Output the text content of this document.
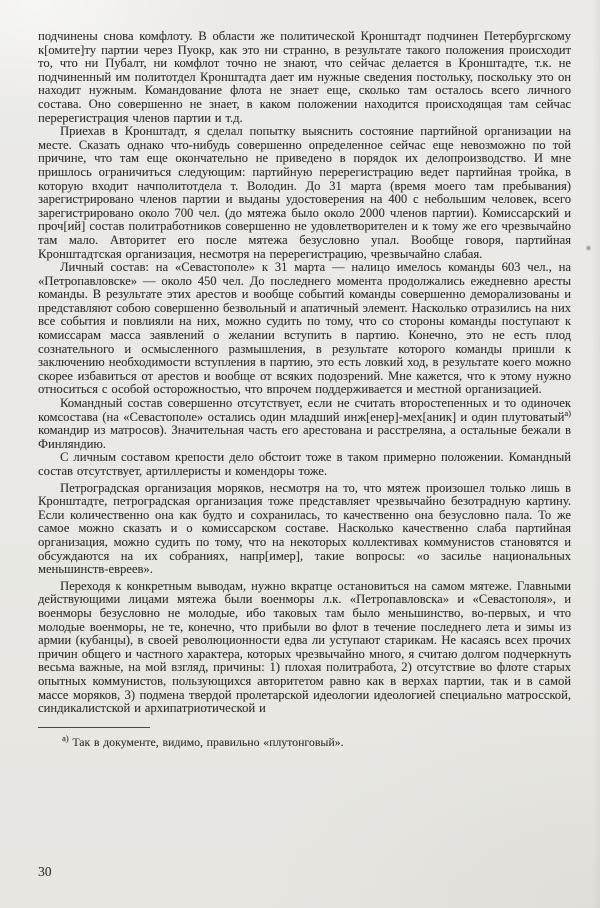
подчинены снова комфлоту. В области же политической Кронштадт подчинен Петербургскому к[омите]ту партии через Пуокр, как это ни странно, в результате такого положения происходит то, что ни Пубалт, ни комфлот точно не знают, что сейчас делается в Кронштадте, т.к. не подчиненный им политотдел Кронштадта дает им нужные сведения постольку, поскольку это он находит нужным. Командование флота не знает еще, сколько там осталось всего личного состава. Оно совершенно не знает, в каком положении находится происходящая там сейчас перерегистрация членов партии и т.д.

Приехав в Кронштадт, я сделал попытку выяснить состояние партийной организации на месте. Сказать однако что-нибудь совершенно определенное сейчас еще невозможно по той причине, что там еще окончательно не приведено в порядок их делопроизводство. И мне пришлось ограничиться следующим: партийную перерегистрацию ведет партийная тройка, в которую входит начполитотдела т. Володин. До 31 марта (время моего там пребывания) зарегистрировано членов партии и выданы удостоверения на 400 с небольшим человек, всего зарегистрировано около 700 чел. (до мятежа было около 2000 членов партии). Комиссарский и проч[ий] состав политработников совершенно не удовлетворителен и к тому же его чрезвычайно там мало. Авторитет его после мятежа безусловно упал. Вообще говоря, партийная Кронштадтская организация, несмотря на перерегистрацию, чрезвычайно слабая.

Личный состав: на «Севастополе» к 31 марта — налицо имелось команды 603 чел., на «Петропавловске» — около 450 чел. До последнего момента продолжались ежедневно аресты команды. В результате этих арестов и вообще событий команды совершенно деморализованы и представляют собою совершенно безвольный и апатичный элемент. Насколько отразились на них все события и повлияли на них, можно судить по тому, что со стороны команды поступают к комиссарам масса заявлений о желании вступить в партию. Конечно, это не есть плод сознательного и осмысленного размышления, в результате которого команды пришли к заключению необходимости вступления в партию, это есть ловкий ход, в результате коего можно скорее избавиться от арестов и вообще от всяких подозрений. Мне кажется, что к этому нужно относиться с особой осторожностью, что впрочем поддерживается и местной организацией.

Командный состав совершенно отсутствует, если не считать второстепенных и то одиночек комсостава (на «Севастополе» остались один младший инж[енер]-мех[аник] и один плутоватый$^{а)}$ командир из матросов). Значительная часть его арестована и расстреляна, а остальные бежали в Финляндию.

С личным составом крепости дело обстоит тоже в таком примерно положении. Командный состав отсутствует, артиллеристы и комендоры тоже.

Петроградская организация моряков, несмотря на то, что мятеж произошел только лишь в Кронштадте, петроградская организация тоже представляет чрезвычайно безотрадную картину. Если количественно она как будто и сохранилась, то качественно она безусловно пала. То же самое можно сказать и о комиссарском составе. Насколько качественно слаба партийная организация, можно судить по тому, что на некоторых коллективах коммунистов становятся и обсуждаются на их собраниях, напр[имер], такие вопросы: «о засилье национальных меньшинств-евреев».

Переходя к конкретным выводам, нужно вкратце остановиться на самом мятеже. Главными действующими лицами мятежа были военморы л.к. «Петропавловска» и «Севастополя», и военморы безусловно не молодые, ибо таковых там было меньшинство, во-первых, и что молодые военморы, не те, конечно, что прибыли во флот в течение последнего лета и зимы из армии (кубанцы), в своей революционности едва ли уступают старикам. Не касаясь всех прочих причин общего и частного характера, которых чрезвычайно много, я считаю долгом подчеркнуть весьма важные, на мой взгляд, причины: 1) плохая политработа, 2) отсутствие во флоте старых опытных коммунистов, пользующихся авторитетом равно как в верхах партии, так и в самой массе моряков, 3) подмена твердой пролетарской идеологии идеологией специально матросской, синдикалистской и архипатриотической и

$^{а)}$ Так в документе, видимо, правильно «плутонговый».

30
